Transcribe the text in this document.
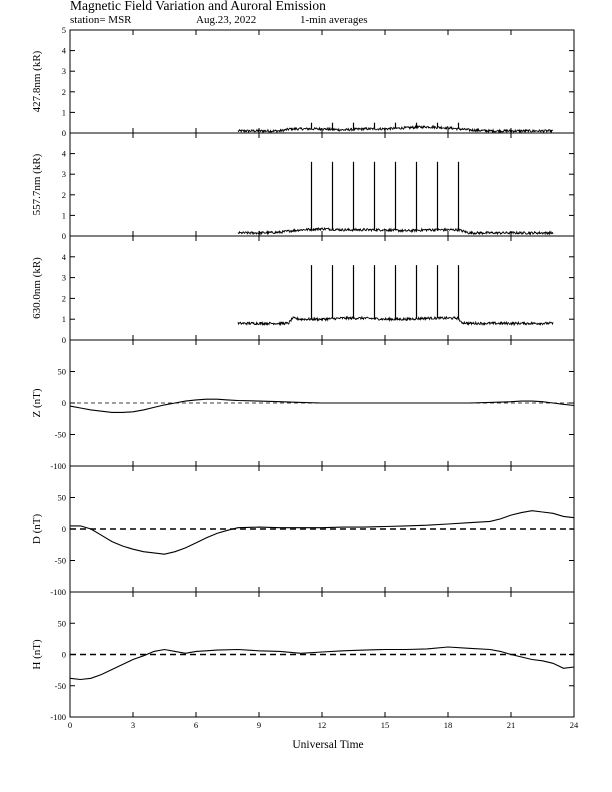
Magnetic Field Variation and Auroral Emission
station= MSR	Aug.23, 2022	1-min averages
0
1
2
3
4
5
427.8nm (kR)
0
1
2
3
4
557.7nm (kR)
0
1
2
3
4
630.0nm (kR)
-100
-50
0
50
Z (nT)
-100
-50
0
50
D (nT)
-100
-50
0
50
H (nT)
0	3	6	9	12	15	18	21	24
Universal Time
